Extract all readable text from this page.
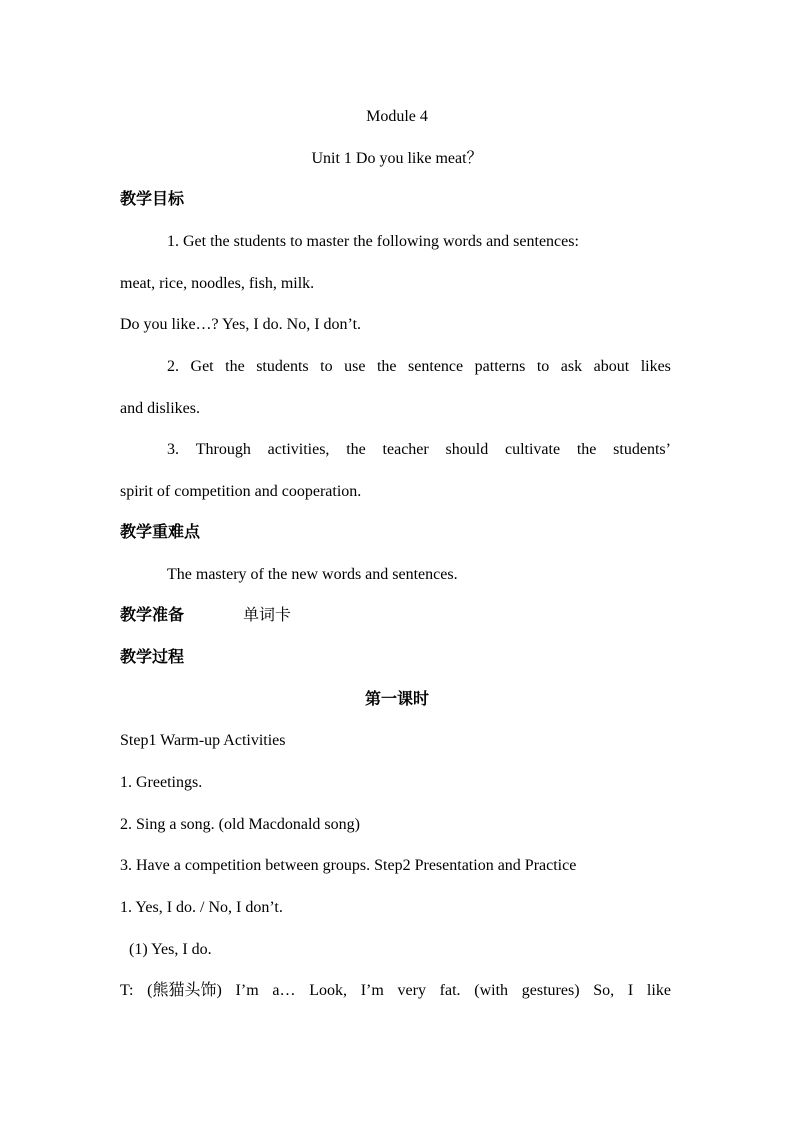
Module 4
Unit 1 Do you like meat？
教学目标
1. Get the students to master the following words and sentences:
meat, rice, noodles, fish, milk.
Do you like…? Yes, I do. No, I don’t.
2. Get the students to use the sentence patterns to ask about likes
and dislikes.
3. Through activities, the teacher should cultivate the students’
spirit of competition and cooperation.
教学重难点
The mastery of the new words and sentences.
教学准备	单词卡
教学过程
第一课时
Step1 Warm-up Activities
1. Greetings.
2. Sing a song. (old Macdonald song)
3. Have a competition between groups. Step2 Presentation and Practice
1. Yes, I do. / No, I don’t.
(1) Yes, I do.
T: (熊猫头饰) I’m a… Look, I’m very fat. (with gestures) So, I like
